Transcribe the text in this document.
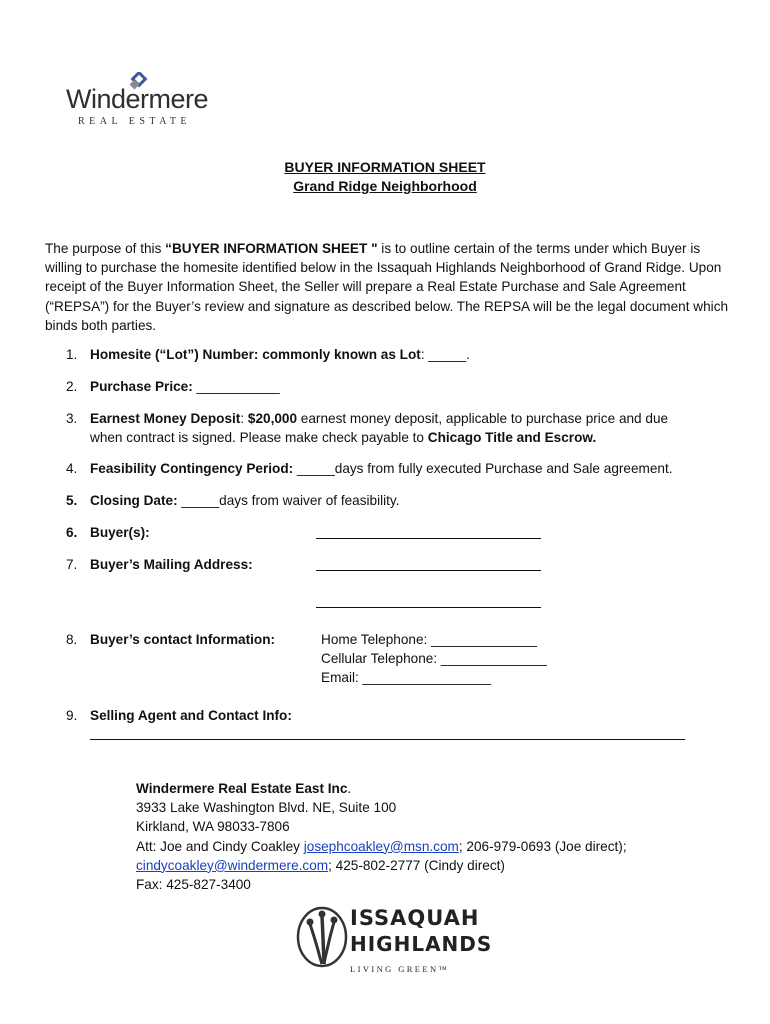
Windermere
REAL ESTATE
BUYER INFORMATION SHEET
Grand Ridge Neighborhood

The purpose of this “BUYER INFORMATION SHEET " is to outline certain of the terms under which Buyer is willing to purchase the homesite identified below in the Issaquah Highlands Neighborhood of Grand Ridge. Upon receipt of the Buyer Information Sheet, the Seller will prepare a Real Estate Purchase and Sale Agreement (“REPSA”) for the Buyer’s review and signature as described below. The REPSA will be the legal document which binds both parties.

1. Homesite (“Lot”) Number: commonly known as Lot: _____.
2. Purchase Price: ___________
3. Earnest Money Deposit: $20,000 earnest money deposit, applicable to purchase price and due
when contract is signed. Please make check payable to Chicago Title and Escrow.
4. Feasibility Contingency Period: _____days from fully executed Purchase and Sale agreement.
5. Closing Date: _____days from waiver of feasibility.
6. Buyer(s):
7. Buyer’s Mailing Address:
8. Buyer’s contact Information:	Home Telephone: ______________
Cellular Telephone: ______________
Email: _________________
9. Selling Agent and Contact Info:
Windermere Real Estate East Inc.
3933 Lake Washington Blvd. NE, Suite 100
Kirkland, WA 98033-7806
Att: Joe and Cindy Coakley josephcoakley@msn.com; 206-979-0693 (Joe direct);
cindycoakley@windermere.com; 425-802-2777 (Cindy direct)
Fax: 425-827-3400
ISSAQUAH
HIGHLANDS
LIVING GREEN™
